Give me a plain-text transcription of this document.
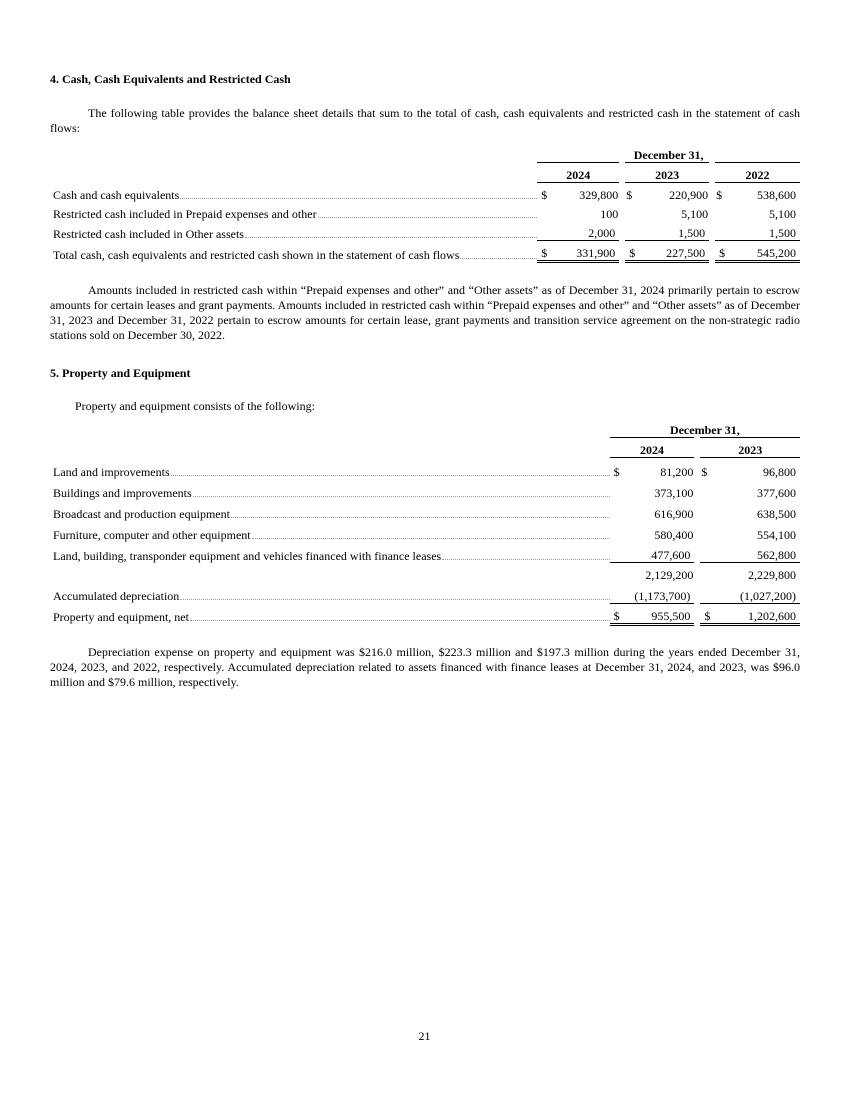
4. Cash, Cash Equivalents and Restricted Cash

The following table provides the balance sheet details that sum to the total of cash, cash equivalents and restricted cash in the statement of cash flows:

	December 31,					
	2024		2023		2022	

Cash and cash equivalents	$	329,800	$	220,900	$	538,600

Restricted cash included in Prepaid expenses and other		100		5,100		5,100

Restricted cash included in Other assets		2,000		1,500		1,500

Total cash, cash equivalents and restricted cash shown in the statement of cash flows	$	331,900	$	227,500	$	545,200

Amounts included in restricted cash within “Prepaid expenses and other” and “Other assets” as of December 31, 2024 primarily pertain to escrow amounts for certain leases and grant payments. Amounts included in restricted cash within “Prepaid expenses and other” and “Other assets” as of December 31, 2023 and December 31, 2022 pertain to escrow amounts for certain lease, grant payments and transition service agreement on the non-strategic radio stations sold on December 30, 2022.

5. Property and Equipment

Property and equipment consists of the following:

	December 31,			
	2024		2023	

Land and improvements	$	81,200	$	96,800

Buildings and improvements		373,100		377,600

Broadcast and production equipment		616,900		638,500

Furniture, computer and other equipment		580,400		554,100

Land, building, transponder equipment and vehicles financed with finance leases		477,600		562,800
		2,129,200		2,229,800

Accumulated depreciation		(1,173,700)		(1,027,200)

Property and equipment, net	$	955,500	$	1,202,600

Depreciation expense on property and equipment was $216.0 million, $223.3 million and $197.3 million during the years ended December 31, 2024, 2023, and 2022, respectively. Accumulated depreciation related to assets financed with finance leases at December 31, 2024, and 2023, was $96.0 million and $79.6 million, respectively.

21
